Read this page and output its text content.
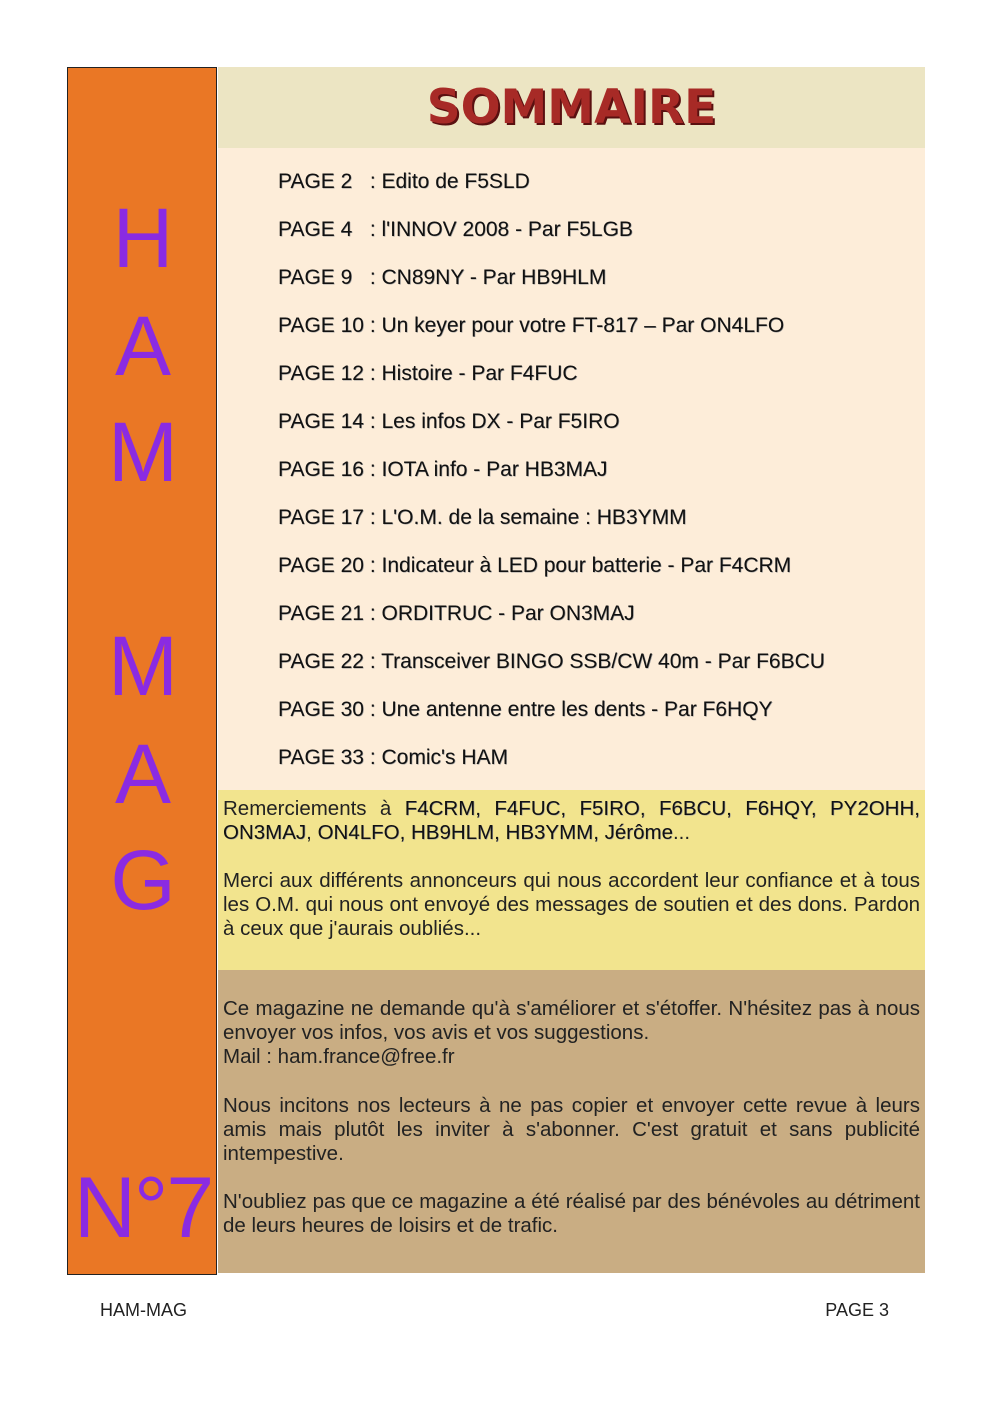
H
A
M
M
A
G
N°7
SOMMAIRE
PAGE 2   : Edito de F5SLD
PAGE 4   : l'INNOV 2008 - Par F5LGB
PAGE 9   : CN89NY - Par HB9HLM
PAGE 10 : Un keyer pour votre FT-817 – Par ON4LFO
PAGE 12 : Histoire - Par F4FUC
PAGE 14 : Les infos DX - Par F5IRO
PAGE 16 : IOTA info - Par HB3MAJ
PAGE 17 : L'O.M. de la semaine : HB3YMM
PAGE 20 : Indicateur à LED pour batterie - Par F4CRM
PAGE 21 : ORDITRUC - Par ON3MAJ
PAGE 22 : Transceiver BINGO SSB/CW 40m - Par F6BCU
PAGE 30 : Une antenne entre les dents - Par F6HQY
PAGE 33 : Comic's HAM
Remerciements à F4CRM, F4FUC, F5IRO, F6BCU, F6HQY, PY2OHH, ON3MAJ, ON4LFO, HB9HLM, HB3YMM, Jérôme...
Merci aux différents annonceurs qui nous accordent leur confiance et à tous les O.M. qui nous ont envoyé des messages de soutien et des dons. Pardon à ceux que j'aurais oubliés...
Ce magazine ne demande qu'à s'améliorer et s'étoffer. N'hésitez pas à nous envoyer vos infos, vos avis et vos suggestions.
Mail : ham.france@free.fr
Nous incitons nos lecteurs à ne pas copier et envoyer cette revue à leurs amis mais plutôt les inviter à s'abonner. C'est gratuit et sans publicité intempestive.
N'oubliez pas que ce magazine a été réalisé par des bénévoles au détriment de leurs heures de loisirs et de trafic.
HAM-MAG	PAGE 3
